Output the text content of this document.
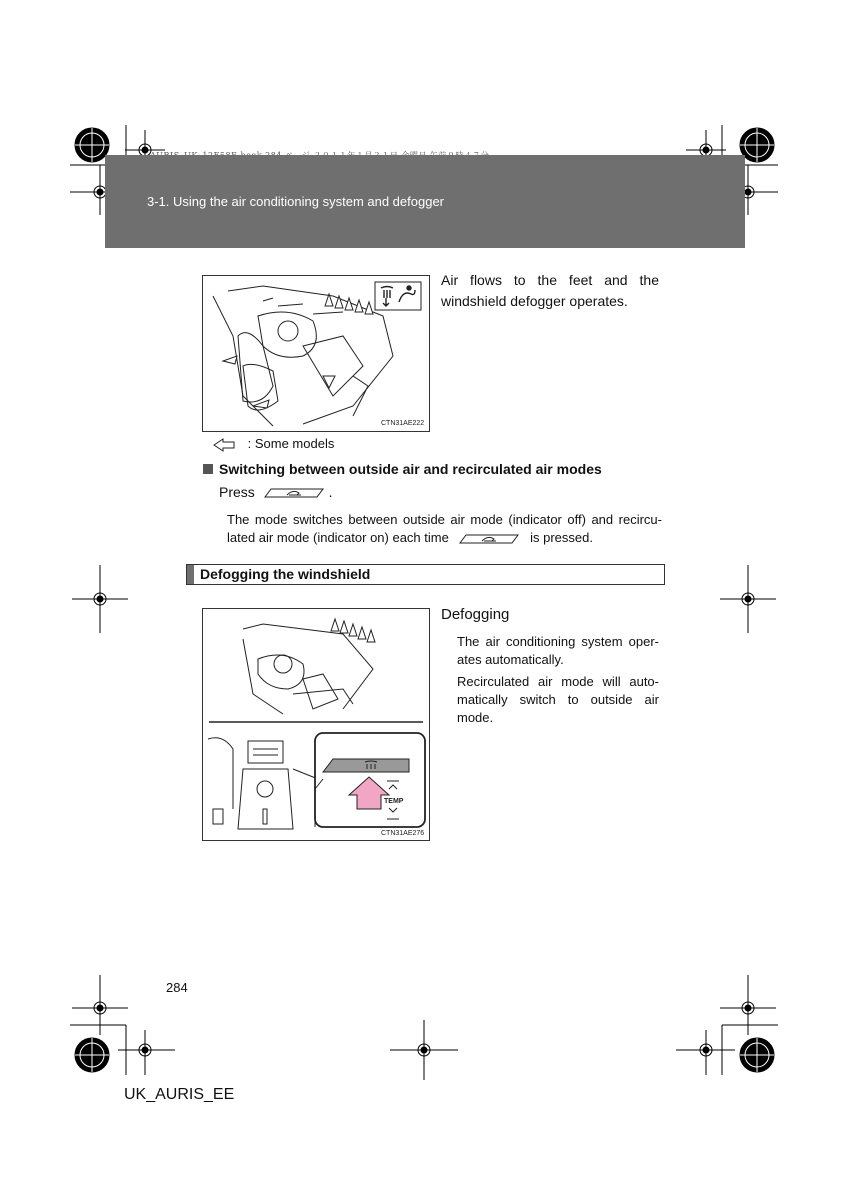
3-1. Using the air conditioning system and defogger
CTN31AE222
Air flows to the feet and the windshield defogger operates.
: Some models
Switching between outside air and recirculated air modes
Press	.
The mode switches between outside air mode (indicator off) and recircu-lated air mode (indicator on) each time	is pressed.
Defogging the windshield
TEMP
CTN31AE276
Defogging
The air conditioning system oper-ates automatically.
Recirculated air mode will auto-matically switch to outside air mode.
284
UK_AURIS_EE
